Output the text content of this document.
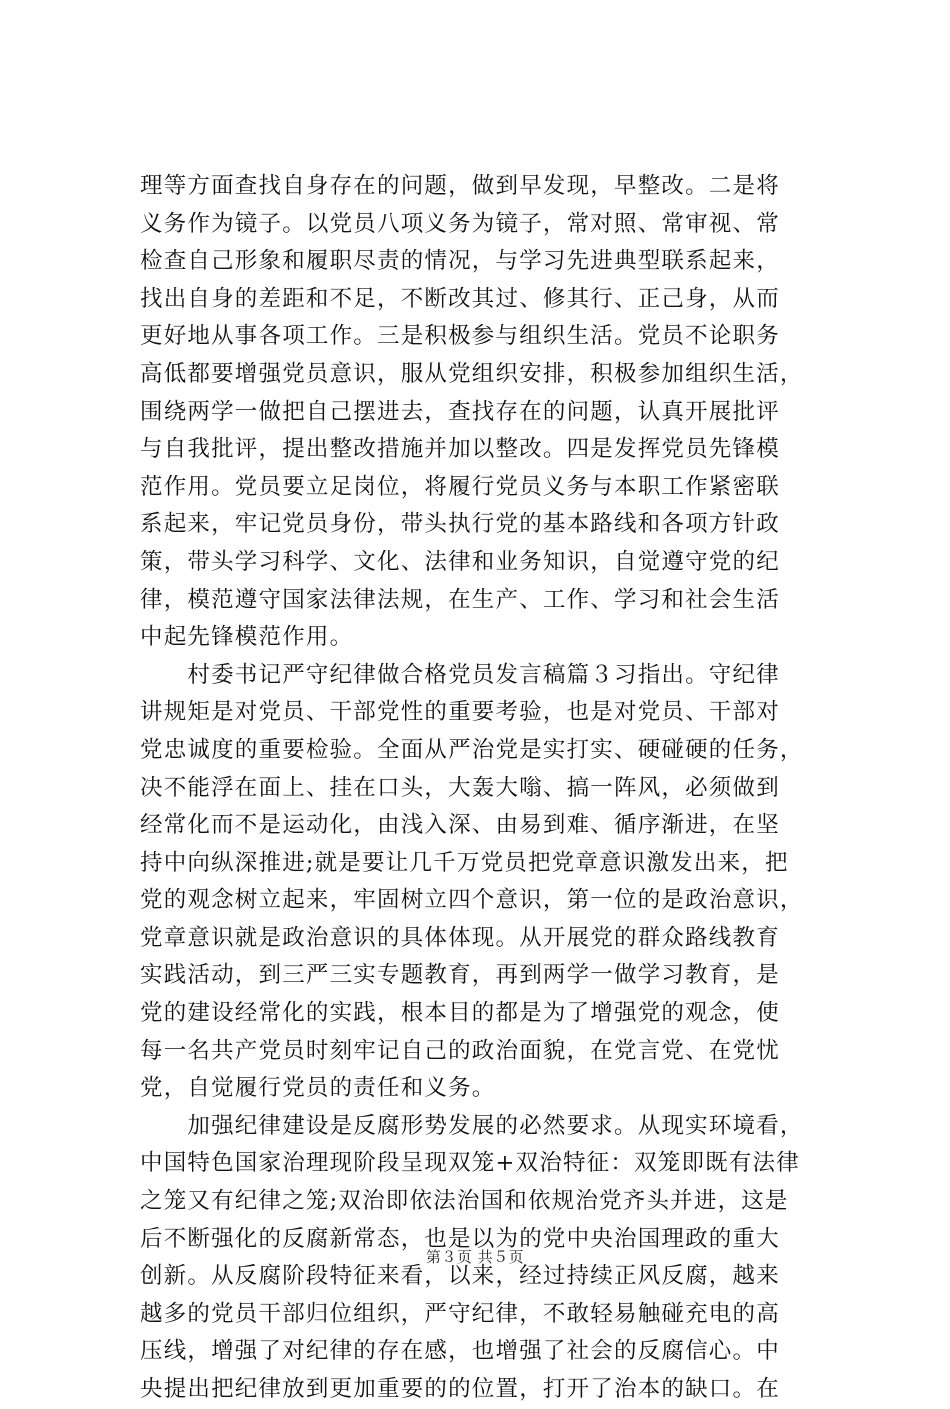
理等方面查找自身存在的问题，做到早发现，早整改。二是将
义务作为镜子。以党员八项义务为镜子，常对照、常审视、常
检查自己形象和履职尽责的情况，与学习先进典型联系起来，
找出自身的差距和不足，不断改其过、修其行、正己身，从而
更好地从事各项工作。三是积极参与组织生活。党员不论职务
高低都要增强党员意识，服从党组织安排，积极参加组织生活，
围绕两学一做把自己摆进去，查找存在的问题，认真开展批评
与自我批评，提出整改措施并加以整改。四是发挥党员先锋模
范作用。党员要立足岗位，将履行党员义务与本职工作紧密联
系起来，牢记党员身份，带头执行党的基本路线和各项方针政
策，带头学习科学、文化、法律和业务知识，自觉遵守党的纪
律，模范遵守国家法律法规，在生产、工作、学习和社会生活
中起先锋模范作用。
　　村委书记严守纪律做合格党员发言稿篇３习指出。守纪律
讲规矩是对党员、干部党性的重要考验，也是对党员、干部对
党忠诚度的重要检验。全面从严治党是实打实、硬碰硬的任务，
决不能浮在面上、挂在口头，大轰大嗡、搞一阵风，必须做到
经常化而不是运动化，由浅入深、由易到难、循序渐进，在坚
持中向纵深推进;就是要让几千万党员把党章意识激发出来，把
党的观念树立起来，牢固树立四个意识，第一位的是政治意识，
党章意识就是政治意识的具体体现。从开展党的群众路线教育
实践活动，到三严三实专题教育，再到两学一做学习教育，是
党的建设经常化的实践，根本目的都是为了增强党的观念，使
每一名共产党员时刻牢记自己的政治面貌，在党言党、在党忧
党，自觉履行党员的责任和义务。
　　加强纪律建设是反腐形势发展的必然要求。从现实环境看，
中国特色国家治理现阶段呈现双笼+双治特征：双笼即既有法律
之笼又有纪律之笼;双治即依法治国和依规治党齐头并进，这是
后不断强化的反腐新常态，也是以为的党中央治国理政的重大
创新。从反腐阶段特征来看，以来，经过持续正风反腐，越来
越多的党员干部归位组织，严守纪律，不敢轻易触碰充电的高
压线，增强了对纪律的存在感，也增强了社会的反腐信心。中
央提出把纪律放到更加重要的的位置，打开了治本的缺口。在
第３页 共５页
